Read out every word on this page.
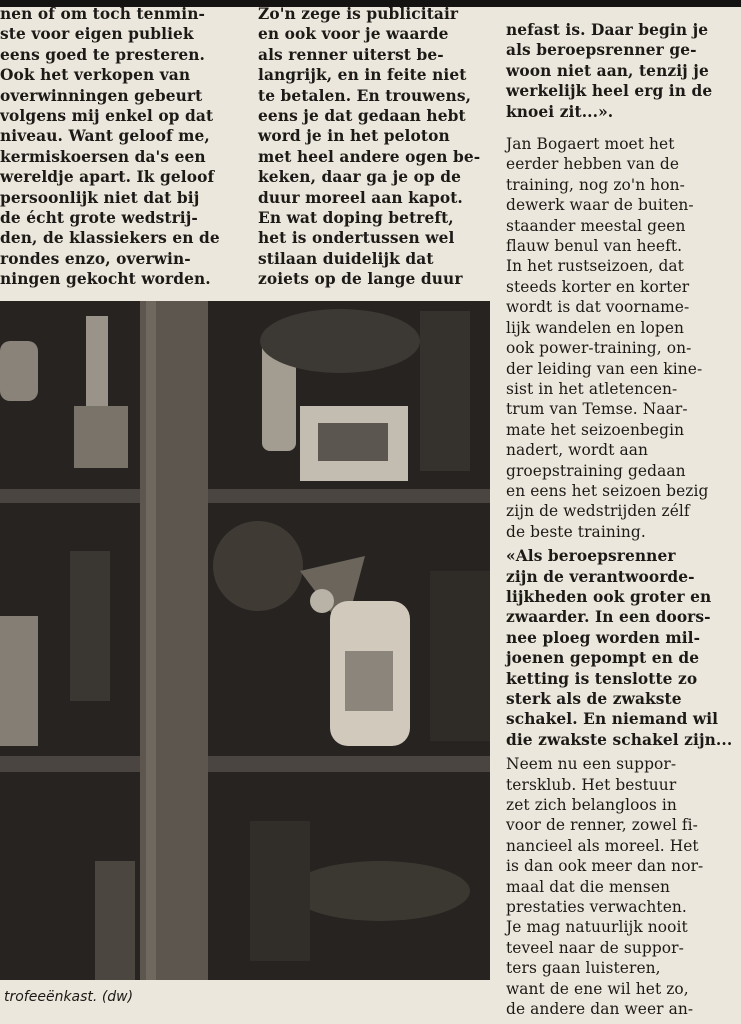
nen of om toch tenmin-
ste voor eigen publiek
eens goed te presteren.
Ook het verkopen van
overwinningen gebeurt
volgens mij enkel op dat
niveau. Want geloof me,
kermiskoersen da's een
wereldje apart. Ik geloof
persoonlijk niet dat bij
de écht grote wedstrij-
den, de klassiekers en de
rondes enzo, overwin-
ningen gekocht worden.
Zo'n zege is publicitair
en ook voor je waarde
als renner uiterst be-
langrijk, en in feite niet
te betalen. En trouwens,
eens je dat gedaan hebt
word je in het peloton
met heel andere ogen be-
keken, daar ga je op de
duur moreel aan kapot.
En wat doping betreft,
het is ondertussen wel
stilaan duidelijk dat
zoiets op de lange duur

nefast is. Daar begin je
als beroepsrenner ge-
woon niet aan, tenzij je
werkelijk heel erg in de
knoei zit...».

Jan Bogaert moet het
eerder hebben van de
training, nog zo'n hon-
dewerk waar de buiten-
staander meestal geen
flauw benul van heeft.
In het rustseizoen, dat
steeds korter en korter
wordt is dat voorname-
lijk wandelen en lopen
ook power-training, on-
der leiding van een kine-
sist in het atletencen-
trum van Temse. Naar-
mate het seizoenbegin
nadert, wordt aan
groepstraining gedaan
en eens het seizoen bezig
zijn de wedstrijden zélf
de beste training.

«Als beroepsrenner
zijn de verantwoorde-
lijkheden ook groter en
zwaarder. In een doors-
nee ploeg worden mil-
joenen gepompt en de
ketting is tenslotte zo
sterk als de zwakste
schakel. En niemand wil
die zwakste schakel zijn...

Neem nu een suppor-
tersklub. Het bestuur
zet zich belangloos in
voor de renner, zowel fi-
nancieel als moreel. Het
is dan ook meer dan nor-
maal dat die mensen
prestaties verwachten.
Je mag natuurlijk nooit
teveel naar de suppor-
ters gaan luisteren,
want de ene wil het zo,
de andere dan weer an-

trofeeënkast. (dw)
